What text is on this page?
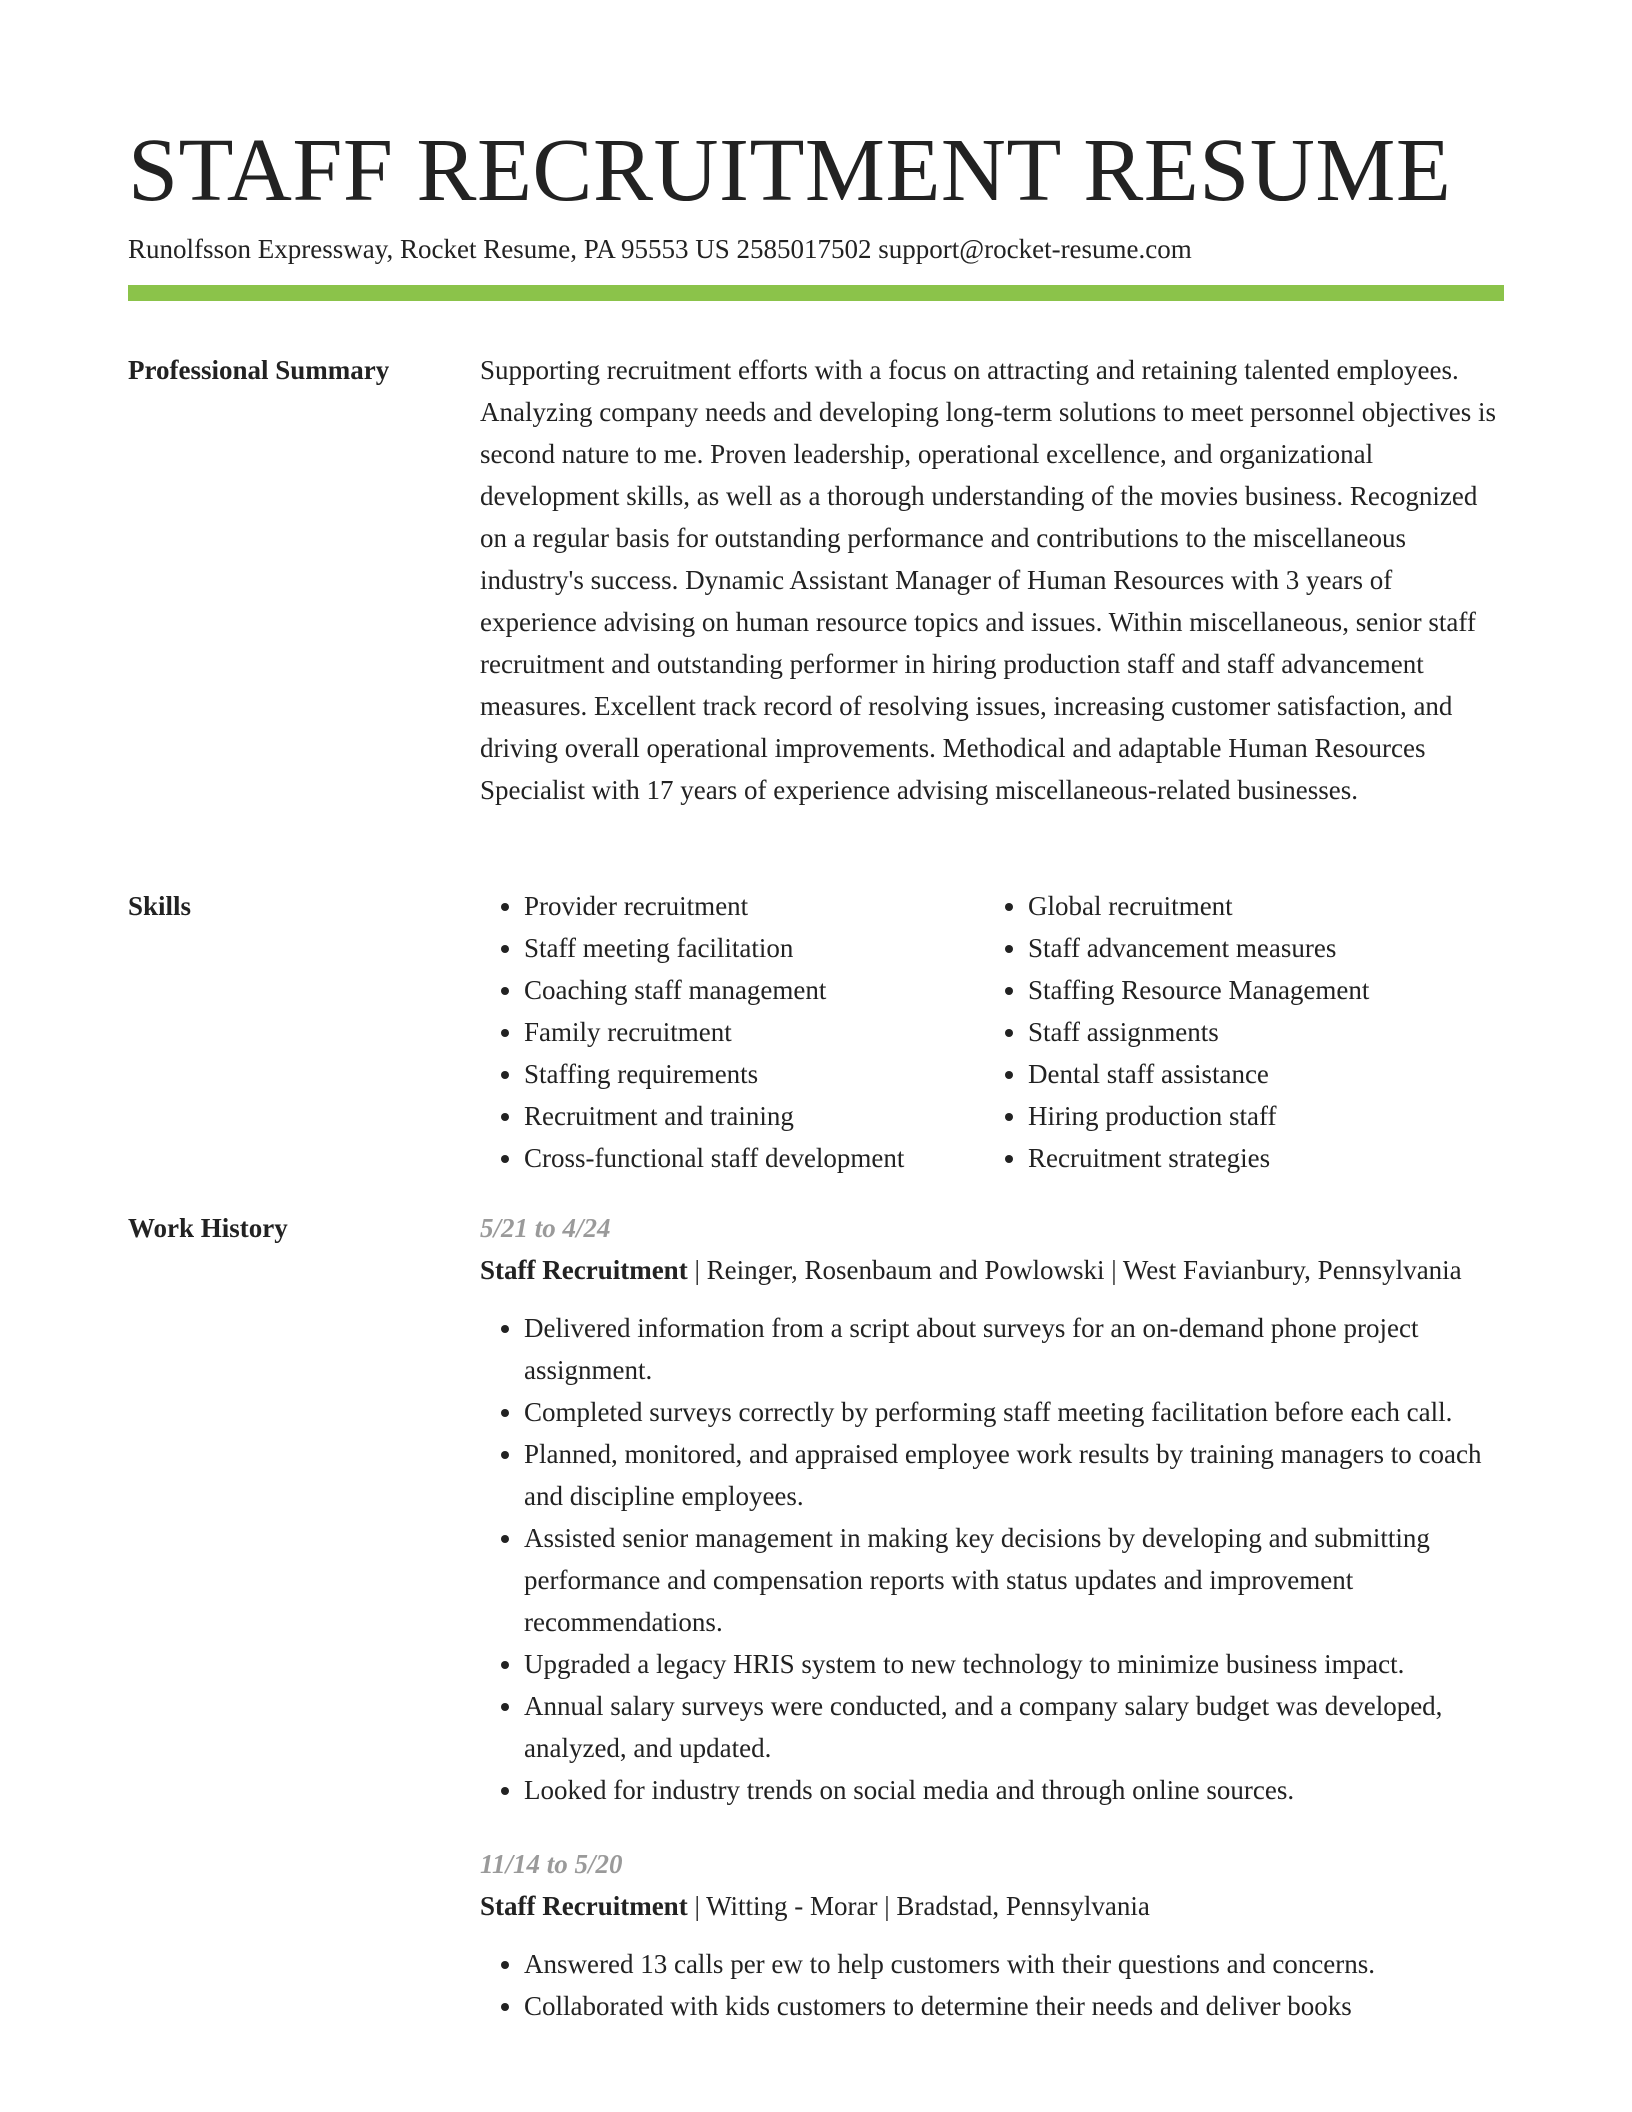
STAFF RECRUITMENT RESUME
Runolfsson Expressway, Rocket Resume, PA 95553 US 2585017502 support@rocket-resume.com
Professional Summary	Supporting recruitment efforts with a focus on attracting and retaining talented employees. Analyzing company needs and developing long-term solutions to meet personnel objectives is second nature to me. Proven leadership, operational excellence, and organizational development skills, as well as a thorough understanding of the movies business. Recognized on a regular basis for outstanding performance and contributions to the miscellaneous industry's success. Dynamic Assistant Manager of Human Resources with 3 years of experience advising on human resource topics and issues. Within miscellaneous, senior staff recruitment and outstanding performer in hiring production staff and staff advancement measures. Excellent track record of resolving issues, increasing customer satisfaction, and driving overall operational improvements. Methodical and adaptable Human Resources Specialist with 17 years of experience advising miscellaneous-related businesses.

Skills
•	Provider recruitment
• Staff meeting facilitation
• Coaching staff management
• Family recruitment
• Staffing requirements
• Recruitment and training
• Cross-functional staff development
• Global recruitment
• Staff advancement measures
• Staffing Resource Management
• Staff assignments
• Dental staff assistance
• Hiring production staff
• Recruitment strategies
Work History	5/21 to 4/24

Staff Recruitment | Reinger, Rosenbaum and Powlowski | West Favianbury, Pennsylvania

• Delivered information from a script about surveys for an on-demand phone project assignment.
• Completed surveys correctly by performing staff meeting facilitation before each call.
• Planned, monitored, and appraised employee work results by training managers to coach and discipline employees.
• Assisted senior management in making key decisions by developing and submitting performance and compensation reports with status updates and improvement recommendations.
• Upgraded a legacy HRIS system to new technology to minimize business impact.
• Annual salary surveys were conducted, and a company salary budget was developed, analyzed, and updated.
• Looked for industry trends on social media and through online sources.

11/14 to 5/20

Staff Recruitment | Witting - Morar | Bradstad, Pennsylvania

• Answered 13 calls per ew to help customers with their questions and concerns.
• Collaborated with kids customers to determine their needs and deliver books
